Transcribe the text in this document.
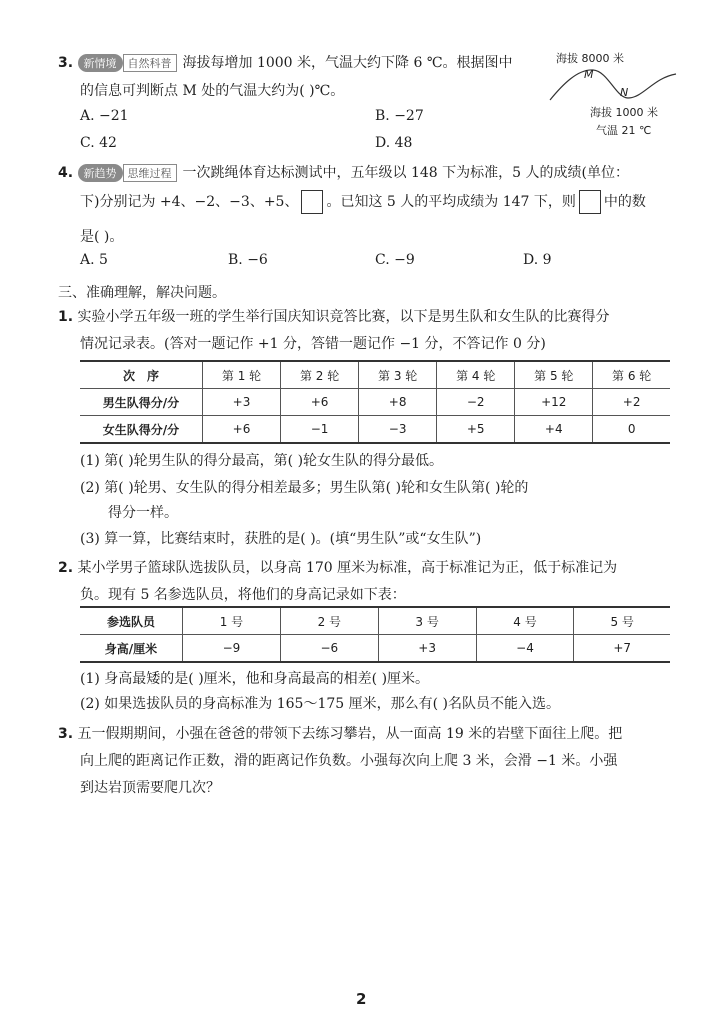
3. 新情境 自然科普 海拔每增加 1000 米，气温大约下降 6 ℃。根据图中
的信息可判断点 M 处的气温大约为( )℃。
A. −21	B. −27
C. 42	D. 48
海拔 8000 米
M
N
海拔 1000 米
气温 21 ℃
4. 新趋势 思维过程 一次跳绳体育达标测试中，五年级以 148 下为标准，5 人的成绩(单位：
下)分别记为 +4、−2、−3、+5、 。已知这 5 人的平均成绩为 147 下，则 中的数
是( )。
A. 5	B. −6	C. −9	D. 9
三、准确理解，解决问题。
1. 实验小学五年级一班的学生举行国庆知识竞答比赛，以下是男生队和女生队的比赛得分
情况记录表。(答对一题记作 +1 分，答错一题记作 −1 分，不答记作 0 分)
次　序	第 1 轮	第 2 轮	第 3 轮	第 4 轮	第 5 轮	第 6 轮
男生队得分/分	+3	+6	+8	−2	+12	+2
女生队得分/分	+6	−1	−3	+5	+4	0
(1) 第( )轮男生队的得分最高，第( )轮女生队的得分最低。
(2) 第( )轮男、女生队的得分相差最多；男生队第( )轮和女生队第( )轮的
得分一样。
(3) 算一算，比赛结束时，获胜的是( )。(填“男生队”或“女生队”)
2. 某小学男子篮球队选拔队员，以身高 170 厘米为标准，高于标准记为正，低于标准记为
负。现有 5 名参选队员，将他们的身高记录如下表：
参选队员	1 号	2 号	3 号	4 号	5 号
身高/厘米	−9	−6	+3	−4	+7
(1) 身高最矮的是( )厘米，他和身高最高的相差( )厘米。
(2) 如果选拔队员的身高标准为 165～175 厘米，那么有( )名队员不能入选。
3. 五一假期期间，小强在爸爸的带领下去练习攀岩，从一面高 19 米的岩壁下面往上爬。把
向上爬的距离记作正数，滑的距离记作负数。小强每次向上爬 3 米，会滑 −1 米。小强
到达岩顶需要爬几次？
2
